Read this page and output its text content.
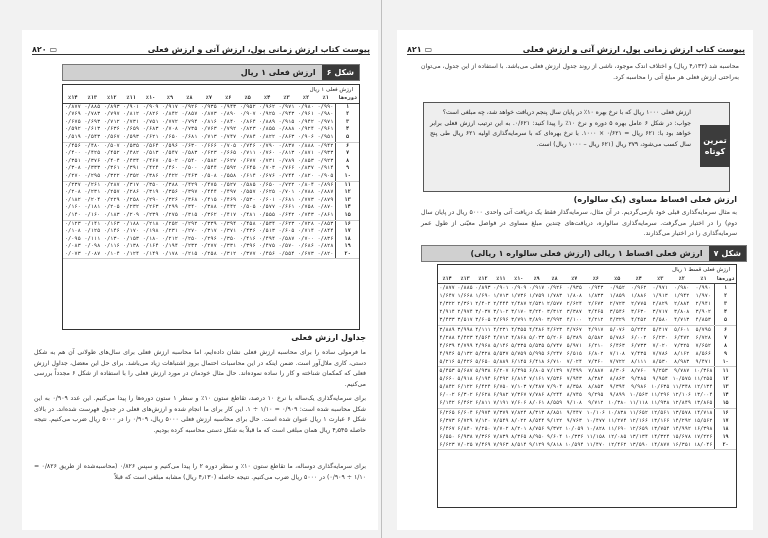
پیوست کتاب ارزش زمانی پول، ارزش آتی و ارزش فعلی
▭ ۸۲۰
شکل ۶
ارزش فعلی ۱ ریال
ارزش فعلی ۱ ریال
دوره‌ها	٪۱	٪۲	٪۳	٪۴	٪۵	٪۶	٪۷	٪۸	٪۹	٪۱۰	٪۱۱	٪۱۲	٪۱۳	٪۱۴
۱	۰/۹۹۰	۰/۹۸۰	۰/۹۷۱	۰/۹۶۲	۰/۹۵۲	۰/۹۴۳	۰/۹۳۵	۰/۹۲۶	۰/۹۱۷	۰/۹۰۹	۰/۹۰۱	۰/۸۹۳	۰/۸۸۵	۰/۸۷۷
۲	۰/۹۸۰	۰/۹۶۱	۰/۹۴۳	۰/۹۲۵	۰/۹۰۷	۰/۸۹۰	۰/۸۷۳	۰/۸۵۷	۰/۸۴۲	۰/۸۲۶	۰/۸۱۲	۰/۷۹۷	۰/۷۸۳	۰/۷۶۹
۳	۰/۹۷۱	۰/۹۴۲	۰/۹۱۵	۰/۸۸۹	۰/۸۶۴	۰/۸۴۰	۰/۸۱۶	۰/۷۹۴	۰/۷۷۲	۰/۷۵۱	۰/۷۳۱	۰/۷۱۲	۰/۶۹۳	۰/۶۷۵
۴	۰/۹۶۱	۰/۹۲۴	۰/۸۸۸	۰/۸۵۵	۰/۸۲۳	۰/۷۹۲	۰/۷۶۳	۰/۷۳۵	۰/۷۰۸	۰/۶۸۳	۰/۶۵۹	۰/۶۳۶	۰/۶۱۳	۰/۵۹۲
۵	۰/۹۵۱	۰/۹۰۶	۰/۸۶۳	۰/۸۲۲	۰/۷۸۴	۰/۷۴۷	۰/۷۱۳	۰/۶۸۱	۰/۶۵۰	۰/۶۲۱	۰/۵۹۳	۰/۵۶۷	۰/۵۴۳	۰/۵۱۹
۶	۰/۹۴۲	۰/۸۸۸	۰/۸۳۷	۰/۷۹۰	۰/۷۴۶	۰/۷۰۵	۰/۶۶۶	۰/۶۳۰	۰/۵۹۶	۰/۵۶۴	۰/۵۳۵	۰/۵۰۷	۰/۴۸۰	۰/۴۵۶
۷	۰/۹۳۳	۰/۸۷۱	۰/۸۱۳	۰/۷۶۰	۰/۷۱۱	۰/۶۶۵	۰/۶۲۳	۰/۵۸۳	۰/۵۴۷	۰/۵۱۳	۰/۴۸۲	۰/۴۵۲	۰/۴۲۵	۰/۴۰۰
۸	۰/۹۲۳	۰/۸۵۳	۰/۷۸۹	۰/۷۳۱	۰/۶۷۷	۰/۶۲۷	۰/۵۸۲	۰/۵۴۰	۰/۵۰۲	۰/۴۶۷	۰/۴۳۴	۰/۴۰۴	۰/۳۷۶	۰/۳۵۱
۹	۰/۹۱۴	۰/۸۳۷	۰/۷۶۶	۰/۷۰۳	۰/۶۴۵	۰/۵۹۲	۰/۵۴۴	۰/۵۰۰	۰/۴۶۰	۰/۴۲۴	۰/۳۹۱	۰/۳۶۱	۰/۳۳۳	۰/۳۰۸
۱۰	۰/۹۰۵	۰/۸۲۰	۰/۷۴۴	۰/۶۷۶	۰/۶۱۴	۰/۵۵۸	۰/۵۰۸	۰/۴۶۳	۰/۴۲۲	۰/۳۸۶	۰/۳۵۲	۰/۳۲۲	۰/۲۹۵	۰/۲۷۰
۱۱	۰/۸۹۶	۰/۸۰۴	۰/۷۲۲	۰/۶۵۰	۰/۵۸۵	۰/۵۲۷	۰/۴۷۵	۰/۴۲۹	۰/۳۸۸	۰/۳۵۰	۰/۳۱۷	۰/۲۸۷	۰/۲۶۱	۰/۲۳۷
۱۲	۰/۸۸۷	۰/۷۸۸	۰/۷۰۱	۰/۶۲۵	۰/۵۵۷	۰/۴۹۷	۰/۴۴۴	۰/۳۹۷	۰/۳۵۶	۰/۳۱۹	۰/۲۸۶	۰/۲۵۷	۰/۲۳۱	۰/۲۰۸
۱۳	۰/۸۷۹	۰/۷۷۳	۰/۶۸۱	۰/۶۰۱	۰/۵۳۰	۰/۴۶۹	۰/۴۱۵	۰/۳۶۸	۰/۳۲۶	۰/۲۹۰	۰/۲۵۸	۰/۲۲۹	۰/۲۰۴	۰/۱۸۲
۱۴	۰/۸۷۰	۰/۷۵۸	۰/۶۶۱	۰/۵۷۷	۰/۵۰۵	۰/۴۴۲	۰/۳۸۸	۰/۳۴۰	۰/۲۹۹	۰/۲۶۳	۰/۲۳۲	۰/۲۰۵	۰/۱۸۱	۰/۱۶۰
۱۵	۰/۸۶۱	۰/۷۴۳	۰/۶۴۲	۰/۵۵۵	۰/۴۸۱	۰/۴۱۷	۰/۳۶۲	۰/۳۱۵	۰/۲۷۵	۰/۲۳۹	۰/۲۰۹	۰/۱۸۳	۰/۱۶۰	۰/۱۴۰
۱۶	۰/۸۵۳	۰/۷۲۸	۰/۶۲۳	۰/۵۳۴	۰/۴۵۸	۰/۳۹۴	۰/۳۳۹	۰/۲۹۲	۰/۲۵۲	۰/۲۱۸	۰/۱۸۸	۰/۱۶۳	۰/۱۴۱	۰/۱۲۳
۱۷	۰/۸۴۴	۰/۷۱۴	۰/۶۰۵	۰/۵۱۳	۰/۴۳۶	۰/۳۷۱	۰/۳۱۷	۰/۲۷۰	۰/۲۳۱	۰/۱۹۸	۰/۱۷۰	۰/۱۴۶	۰/۱۲۵	۰/۱۰۸
۱۸	۰/۸۳۶	۰/۷۰۰	۰/۵۸۷	۰/۴۹۴	۰/۴۱۶	۰/۳۵۰	۰/۲۹۶	۰/۲۵۰	۰/۲۱۲	۰/۱۸۰	۰/۱۵۳	۰/۱۳۰	۰/۱۱۱	۰/۰۹۵
۱۹	۰/۸۲۸	۰/۶۸۶	۰/۵۷۰	۰/۴۷۵	۰/۳۹۶	۰/۳۳۱	۰/۲۷۷	۰/۲۳۲	۰/۱۹۴	۰/۱۶۴	۰/۱۳۸	۰/۱۱۶	۰/۰۹۸	۰/۰۸۳
۲۰	۰/۸۲۰	۰/۶۷۳	۰/۵۵۴	۰/۴۵۶	۰/۳۷۷	۰/۳۱۲	۰/۲۵۸	۰/۲۱۵	۰/۱۷۸	۰/۱۴۹	۰/۱۲۴	۰/۱۰۴	۰/۰۸۷	۰/۰۷۳
جداول ارزش فعلی
ما فرمولی ساده را برای محاسبه ارزش فعلی نشان داده‌ایم، اما محاسبه ارزش فعلی برای سال‌های طولانی آن هم به شکل دستی، کاری ملال‌آور است. ضمن اینکه در این محاسبات احتمال بروز اشتباهات زیاد می‌باشد. برای حل این معضل، جداول ارزش فعلی که کمکمان شناخته و کار را ساده نموده‌اند. حال مثال خودمان در مورد ارزش فعلی را با استفاده از شکل ۶ مجدداً بررسی می‌کنیم.
برای سرمایه‌گذاری یک‌ساله با نرخ ۱۰ درصد، تقاطع ستون ۱۰٪ و سطر ۱ ستون دوره‌ها را پیدا می‌کنیم. این عدد ۰/۹۰۹ به این شکل محاسبه شده است: ۰/۹۰۹ = ۱/۱۰ ÷ ۱. این کار برای ما انجام شده و ارزش‌های فعلی در جدول فهرست شده‌اند. در بالای شکل ۶ عبارت ۱ ریال عنوان شده است. حال برای محاسبه ارزش فعلی ۵۰۰۰ ریال، ۰/۹۰۹ را در ۵۰۰۰ ریال ضرب می‌کنیم. نتیجه حاصله ۴٫۵۴۵ ریال همان مبلغی است که ما قبلاً به شکل دستی محاسبه کرده بودیم.
برای سرمایه‌گذاری دوساله، ما تقاطع ستون ۱۰٪ و سطر دوره ۲ را پیدا می‌کنیم و سپس ۰/۸۲۶ (محاسبه‌شده از طریق ۰/۸۲۶ = ۱/۱۰ ÷ ۰/۹۰۹) در ۵۰۰۰ ریال ضرب می‌کنیم. نتیجه حاصله (۴٫۱۳۰ ریال) مشابه مبلغی است که قبلاً
پیوست کتاب ارزش زمانی پول، ارزش آتی و ارزش فعلی
▭ ۸۲۱
محاسبه شد (۴٫۱۳۲ ریال) و اختلاف اندک موجود، ناشی از روند جدول ارزش فعلی می‌باشد. با استفاده از این جدول، می‌توان به‌راحتی ارزش فعلی هر مبلغ آتی را محاسبه کرد.
تمرین
کوتاه
ارزش فعلی ۱۰۰۰ ریال که با نرخ بهره ۱۰٪ در پایان سال پنجم دریافت خواهد شد، چه مبلغی است؟
جواب: در شکل ۶ عامل بهره ۵ دوره و نرخ ۱۰٪ را پیدا کنید: ۰/۶۲۱. به این ترتیب ارزش فعلی برابر خواهد بود با: ۶۲۱ ریال = ۰/۶۲۱ × ۱۰۰۰. با نرخ بهره‌ای که با سرمایه‌گذاری اولیه ۶۲۱ ریال طی پنج سال کسب می‌شود، ۳۷۹ ریال (۶۲۱ ریال – ۱۰۰۰ ریال) است.
ارزش فعلی اقساط مساوی (یک سالواره)
به مثال سرمایه‌گذاری قبلی خود بازمی‌گردیم. در آن مثال، سرمایه‌گذار فقط یک دریافت آتی واحدی ۵۰۰۰ ریال در پایان سال دوم) را در اختیار می‌گرفت. سرمایه‌گذاری سالواره، دریافت‌های چندین مبلغ مساوی در فواصل معیّنی از طول عمر سرمایه‌گذاری را در اختیار می‌گذارند.
شکل ۷
ارزش فعلی اقساط ۱ ریالی (ارزش فعلی سالواره ۱ ریالی)
ارزش فعلی قسط ۱ ریال
دوره‌ها	٪۱	٪۲	٪۳	٪۴	٪۵	٪۶	٪۷	٪۸	٪۹	٪۱۰	٪۱۱	٪۱۲	٪۱۳	٪۱۴
۱	۰/۹۹۰	۰/۹۸۰	۰/۹۷۱	۰/۹۶۲	۰/۹۵۲	۰/۹۴۳	۰/۹۳۵	۰/۹۲۶	۰/۹۱۷	۰/۹۰۹	۰/۹۰۱	۰/۸۹۳	۰/۸۸۵	۰/۸۷۷
۲	۱/۹۷۰	۱/۹۴۲	۱/۹۱۳	۱/۸۸۶	۱/۸۵۹	۱/۸۳۳	۱/۸۰۸	۱/۷۸۳	۱/۷۵۹	۱/۷۳۶	۱/۷۱۳	۱/۶۹۰	۱/۶۶۸	۱/۶۴۷
۳	۲/۹۴۱	۲/۸۸۴	۲/۸۲۹	۲/۷۷۵	۲/۷۲۳	۲/۶۷۳	۲/۶۲۴	۲/۵۷۷	۲/۵۳۱	۲/۴۸۷	۲/۴۴۴	۲/۴۰۲	۲/۳۶۱	۲/۳۲۲
۴	۳/۹۰۲	۳/۸۰۸	۳/۷۱۷	۳/۶۳۰	۳/۵۴۶	۳/۴۶۵	۳/۳۸۷	۳/۳۱۲	۳/۲۴۰	۳/۱۷۰	۳/۱۰۲	۳/۰۳۷	۲/۹۷۴	۲/۹۱۴
۵	۴/۸۵۳	۴/۷۱۳	۴/۵۸۰	۴/۴۵۲	۴/۳۲۹	۴/۲۱۲	۴/۱۰۰	۳/۹۹۳	۳/۸۹۰	۳/۷۹۱	۳/۶۹۶	۳/۶۰۵	۳/۵۱۷	۳/۴۳۳
۶	۵/۷۹۵	۵/۶۰۱	۵/۴۱۷	۵/۲۴۲	۵/۰۷۶	۴/۹۱۷	۴/۷۶۷	۴/۶۲۳	۴/۴۸۶	۴/۳۵۵	۴/۲۳۱	۴/۱۱۱	۳/۹۹۸	۳/۸۸۹
۷	۶/۷۲۸	۶/۴۷۲	۶/۲۳۰	۶/۰۰۲	۵/۷۸۶	۵/۵۸۲	۵/۳۸۹	۵/۲۰۶	۵/۰۳۳	۴/۸۶۸	۴/۷۱۲	۴/۵۶۴	۴/۴۲۳	۴/۲۸۸
۸	۷/۶۵۲	۷/۳۲۵	۷/۰۲۰	۶/۷۳۳	۶/۴۶۳	۶/۲۱۰	۵/۹۷۱	۵/۷۴۷	۵/۵۳۵	۵/۳۳۵	۵/۱۴۶	۴/۹۶۸	۴/۷۹۹	۴/۶۳۹
۹	۸/۵۶۶	۸/۱۶۲	۷/۷۸۶	۷/۴۳۵	۷/۱۰۸	۶/۸۰۲	۶/۵۱۵	۶/۲۴۷	۵/۹۹۵	۵/۷۵۹	۵/۵۳۷	۵/۳۲۸	۵/۱۳۲	۴/۹۴۶
۱۰	۹/۴۷۱	۸/۹۸۳	۸/۵۳۰	۸/۱۱۱	۷/۷۲۲	۷/۳۶۰	۷/۰۲۴	۶/۷۱۰	۶/۴۱۸	۶/۱۴۵	۵/۸۸۹	۵/۶۵۰	۵/۴۲۶	۵/۲۱۶
۱۱	۱۰/۳۶۸	۹/۷۸۷	۹/۲۵۳	۸/۷۶۰	۸/۳۰۶	۷/۸۸۷	۷/۴۹۹	۷/۱۳۹	۶/۸۰۵	۶/۴۹۵	۶/۲۰۷	۵/۹۳۸	۵/۶۸۷	۵/۴۵۳
۱۲	۱۱/۲۵۵	۱۰/۵۷۵	۹/۹۵۴	۹/۳۸۵	۸/۸۶۳	۸/۳۸۴	۷/۹۴۳	۷/۵۳۶	۷/۱۶۱	۶/۸۱۴	۶/۴۹۲	۶/۱۹۴	۵/۹۱۸	۵/۶۶۰
۱۳	۱۲/۱۳۴	۱۱/۳۴۸	۱۰/۶۳۵	۹/۹۸۶	۹/۳۹۴	۸/۸۵۳	۸/۳۵۸	۷/۹۰۴	۷/۴۸۷	۷/۱۰۳	۶/۷۵۰	۶/۴۲۴	۶/۱۲۲	۵/۸۴۲
۱۴	۱۳/۰۰۴	۱۲/۱۰۶	۱۱/۲۹۶	۱۰/۵۶۳	۹/۸۹۹	۹/۲۹۵	۸/۷۴۵	۸/۲۴۴	۷/۷۸۶	۷/۳۶۷	۶/۹۸۲	۶/۶۲۸	۶/۳۰۲	۶/۰۰۲
۱۵	۱۳/۸۶۵	۱۲/۸۴۹	۱۱/۹۳۸	۱۱/۱۱۸	۱۰/۳۸۰	۹/۷۱۲	۹/۱۰۸	۸/۵۵۹	۸/۰۶۱	۷/۶۰۶	۷/۱۹۱	۶/۸۱۱	۶/۴۶۲	۶/۱۴۲
۱۶	۱۴/۷۱۸	۱۳/۵۷۸	۱۲/۵۶۱	۱۱/۶۵۲	۱۰/۸۳۸	۱۰/۱۰۶	۹/۴۴۷	۸/۸۵۱	۸/۳۱۳	۷/۸۲۴	۷/۳۷۹	۶/۹۷۴	۶/۶۰۴	۶/۲۶۵
۱۷	۱۵/۵۶۲	۱۴/۲۹۲	۱۳/۱۶۶	۱۲/۱۶۶	۱۱/۲۷۴	۱۰/۴۷۷	۹/۷۶۳	۹/۱۲۲	۸/۵۴۴	۸/۰۲۲	۷/۵۴۹	۷/۱۲۰	۶/۷۲۹	۶/۳۷۳
۱۸	۱۶/۳۹۸	۱۴/۹۹۲	۱۳/۷۵۴	۱۲/۶۵۹	۱۱/۶۹۰	۱۰/۸۲۸	۱۰/۰۵۹	۹/۳۷۲	۸/۷۵۶	۸/۲۰۱	۷/۷۰۲	۷/۲۵۰	۶/۸۴۰	۶/۴۶۷
۱۹	۱۷/۲۲۶	۱۵/۶۷۸	۱۴/۳۲۴	۱۳/۱۳۴	۱۲/۰۸۵	۱۱/۱۵۸	۱۰/۳۳۶	۹/۶۰۴	۸/۹۵۰	۸/۳۶۵	۷/۸۳۹	۷/۳۶۶	۶/۹۳۸	۶/۵۵۰
۲۰	۱۸/۰۴۶	۱۶/۳۵۱	۱۴/۸۷۷	۱۳/۵۹۰	۱۲/۴۶۲	۱۱/۴۷۰	۱۰/۵۹۴	۹/۸۱۸	۹/۱۲۹	۸/۵۱۴	۷/۹۶۳	۷/۴۶۹	۷/۰۲۵	۶/۶۲۳
